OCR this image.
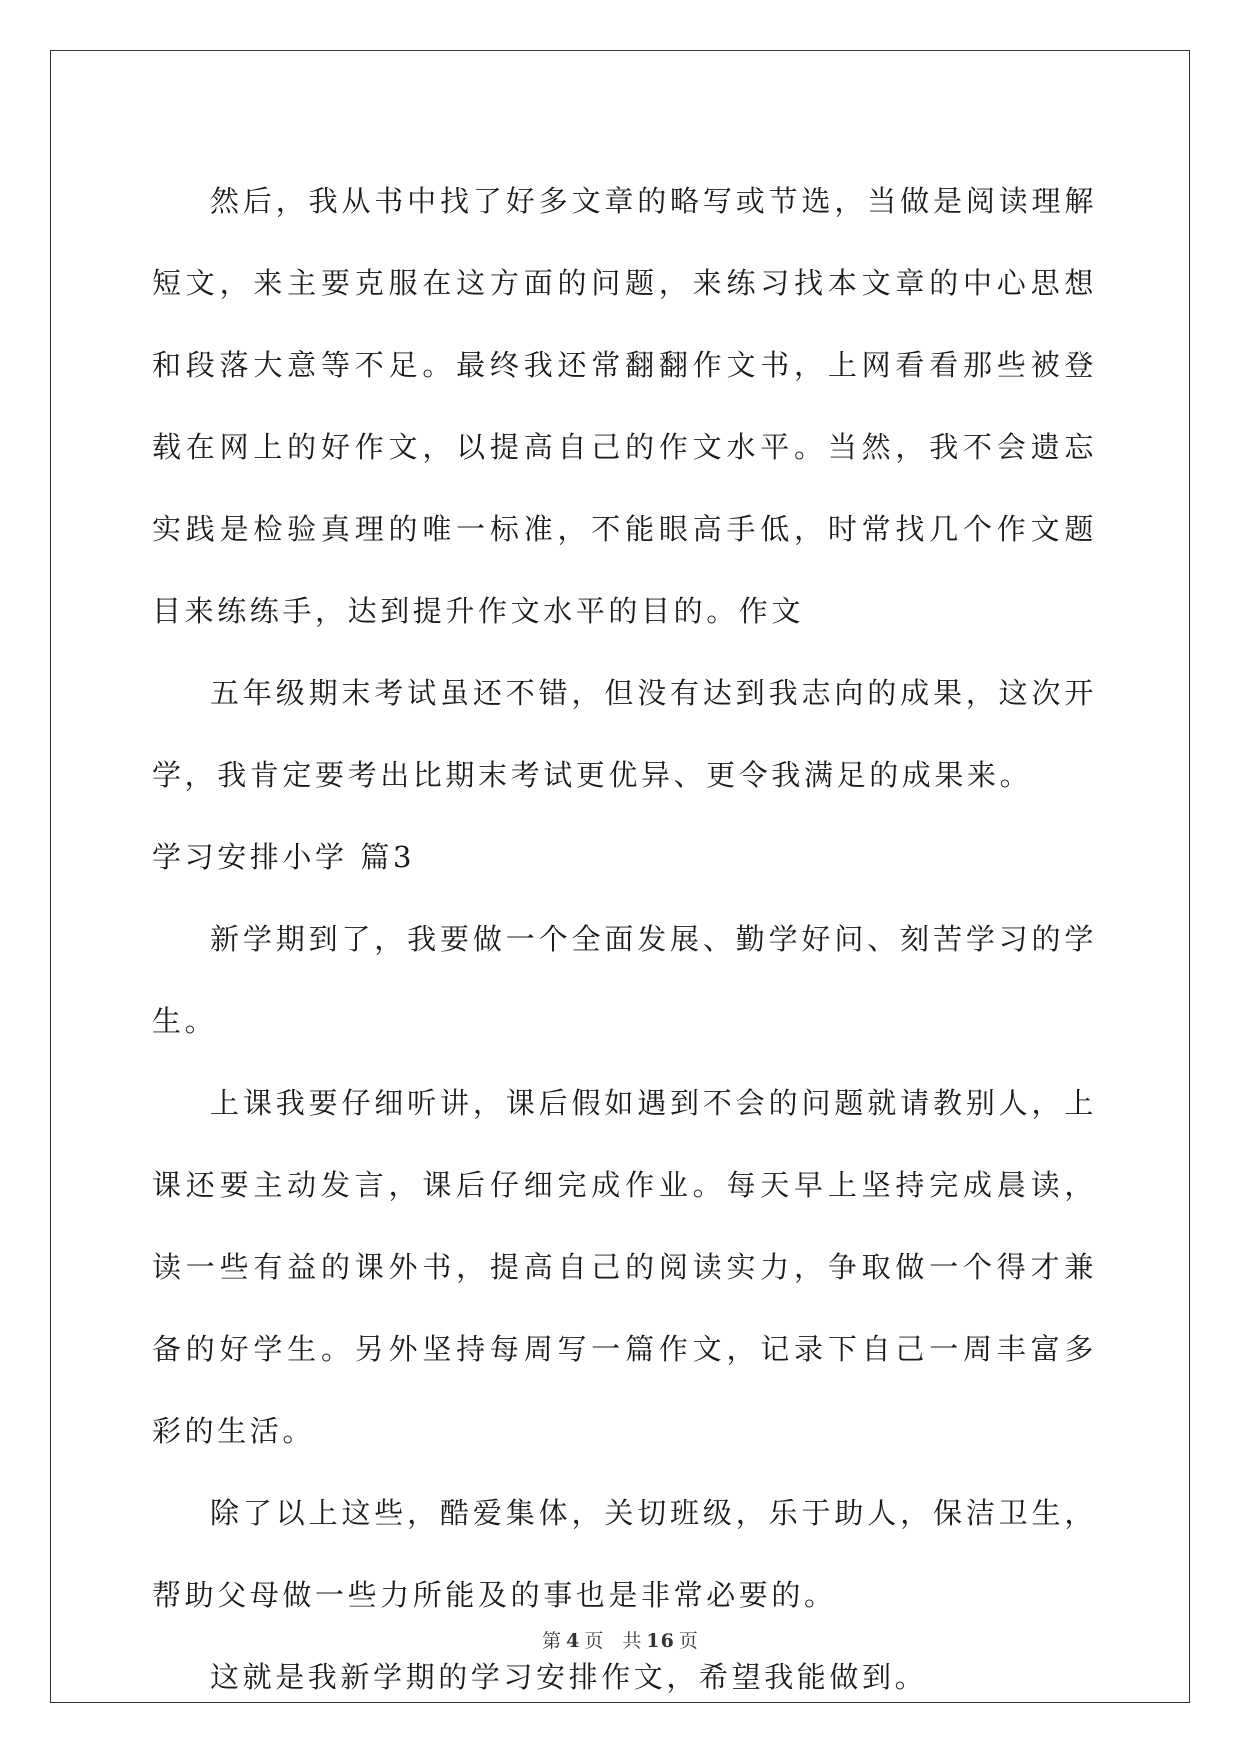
然后，我从书中找了好多文章的略写或节选，当做是阅读理解短文，来主要克服在这方面的问题，来练习找本文章的中心思想和段落大意等不足。最终我还常翻翻作文书，上网看看那些被登载在网上的好作文，以提高自己的作文水平。当然，我不会遗忘实践是检验真理的唯一标准，不能眼高手低，时常找几个作文题目来练练手，达到提升作文水平的目的。作文

五年级期末考试虽还不错，但没有达到我志向的成果，这次开学，我肯定要考出比期末考试更优异、更令我满足的成果来。

学习安排小学 篇3

新学期到了，我要做一个全面发展、勤学好问、刻苦学习的学生。

上课我要仔细听讲，课后假如遇到不会的问题就请教别人，上课还要主动发言，课后仔细完成作业。每天早上坚持完成晨读，读一些有益的课外书，提高自己的阅读实力，争取做一个得才兼备的好学生。另外坚持每周写一篇作文，记录下自己一周丰富多彩的生活。

除了以上这些，酷爱集体，关切班级，乐于助人，保洁卫生，帮助父母做一些力所能及的事也是非常必要的。

这就是我新学期的学习安排作文，希望我能做到。

第 4 页 共 16 页
